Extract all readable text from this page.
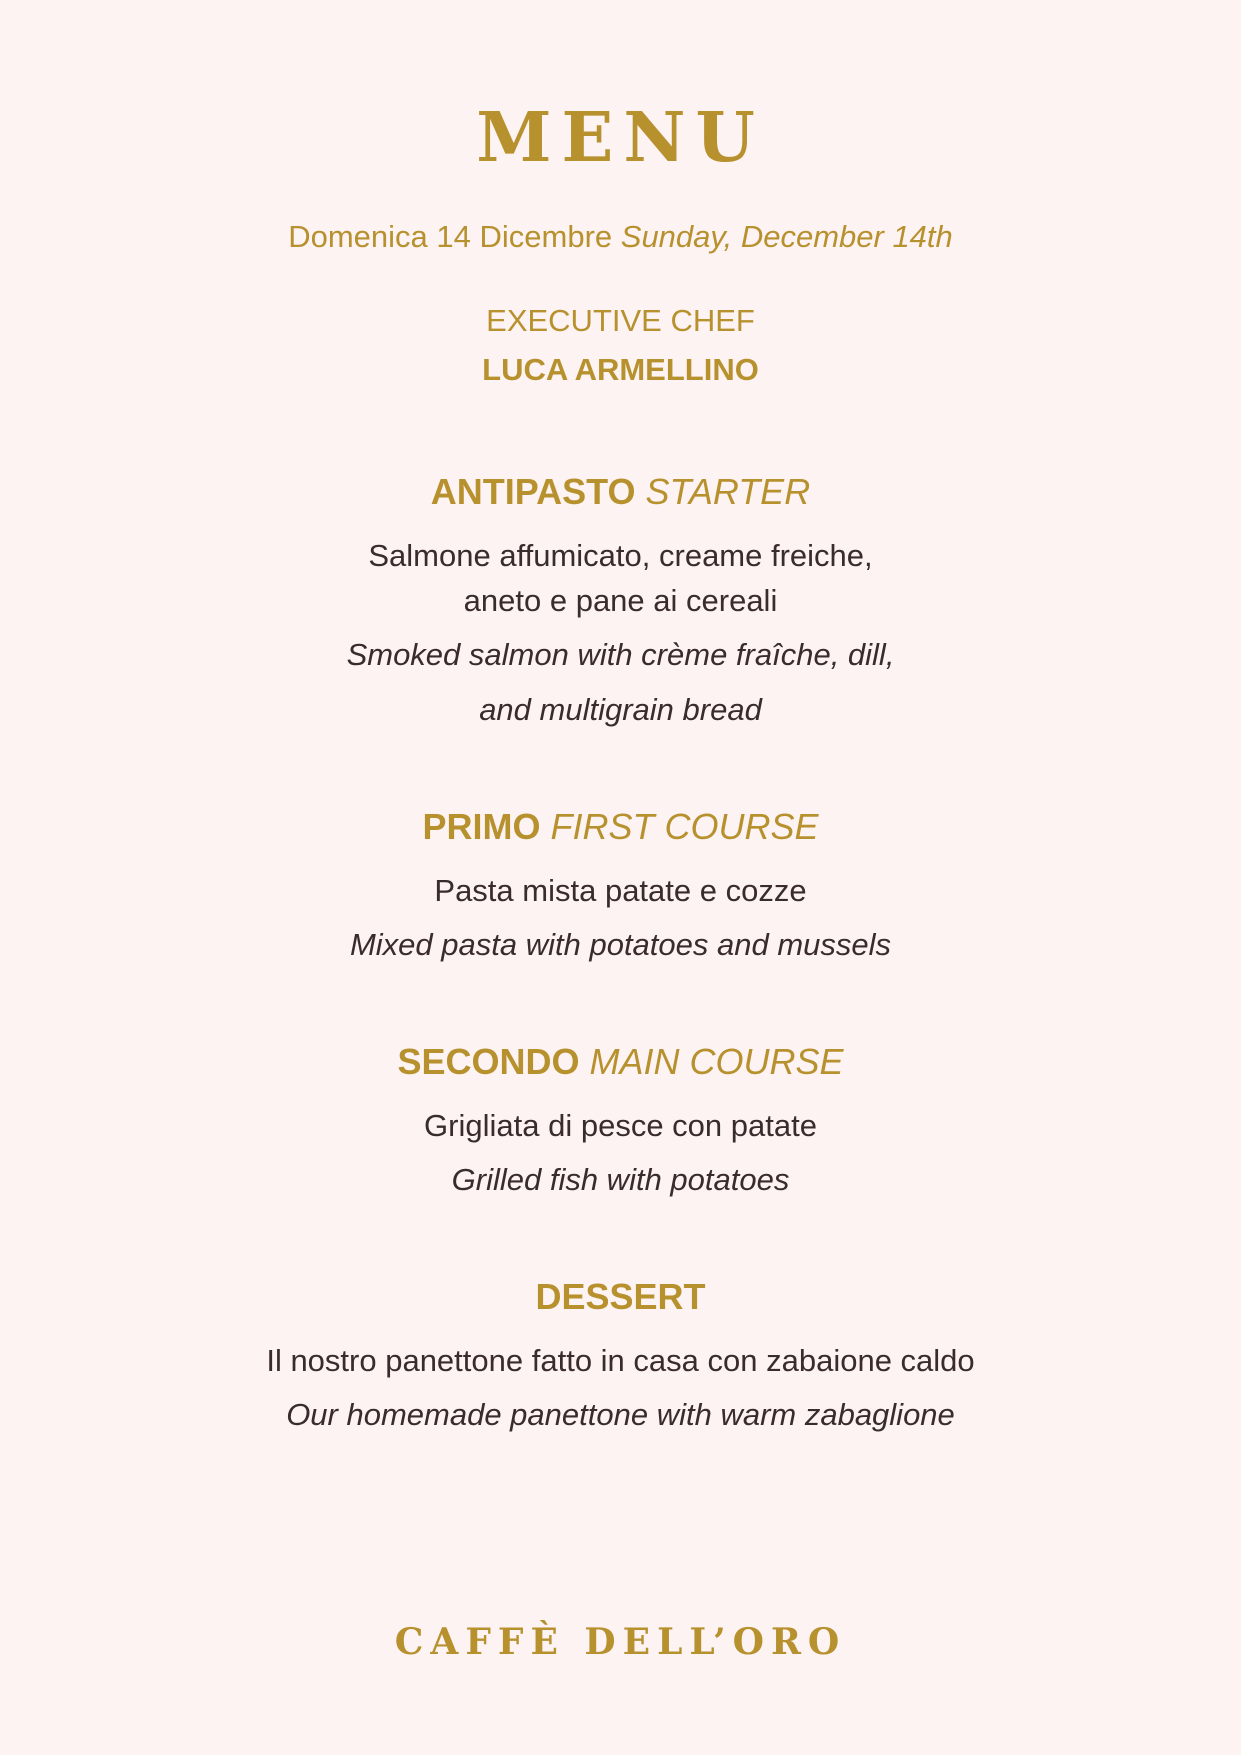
MENU
Domenica 14 Dicembre Sunday, December 14th
EXECUTIVE CHEF
LUCA ARMELLINO
ANTIPASTO STARTER
Salmone affumicato, creame freiche,
aneto e pane ai cereali
Smoked salmon with crème fraîche, dill,
and multigrain bread
PRIMO FIRST COURSE
Pasta mista patate e cozze
Mixed pasta with potatoes and mussels
SECONDO MAIN COURSE
Grigliata di pesce con patate
Grilled fish with potatoes
DESSERT
Il nostro panettone fatto in casa con zabaione caldo
Our homemade panettone with warm zabaglione
CAFFÈ DELL’ORO
